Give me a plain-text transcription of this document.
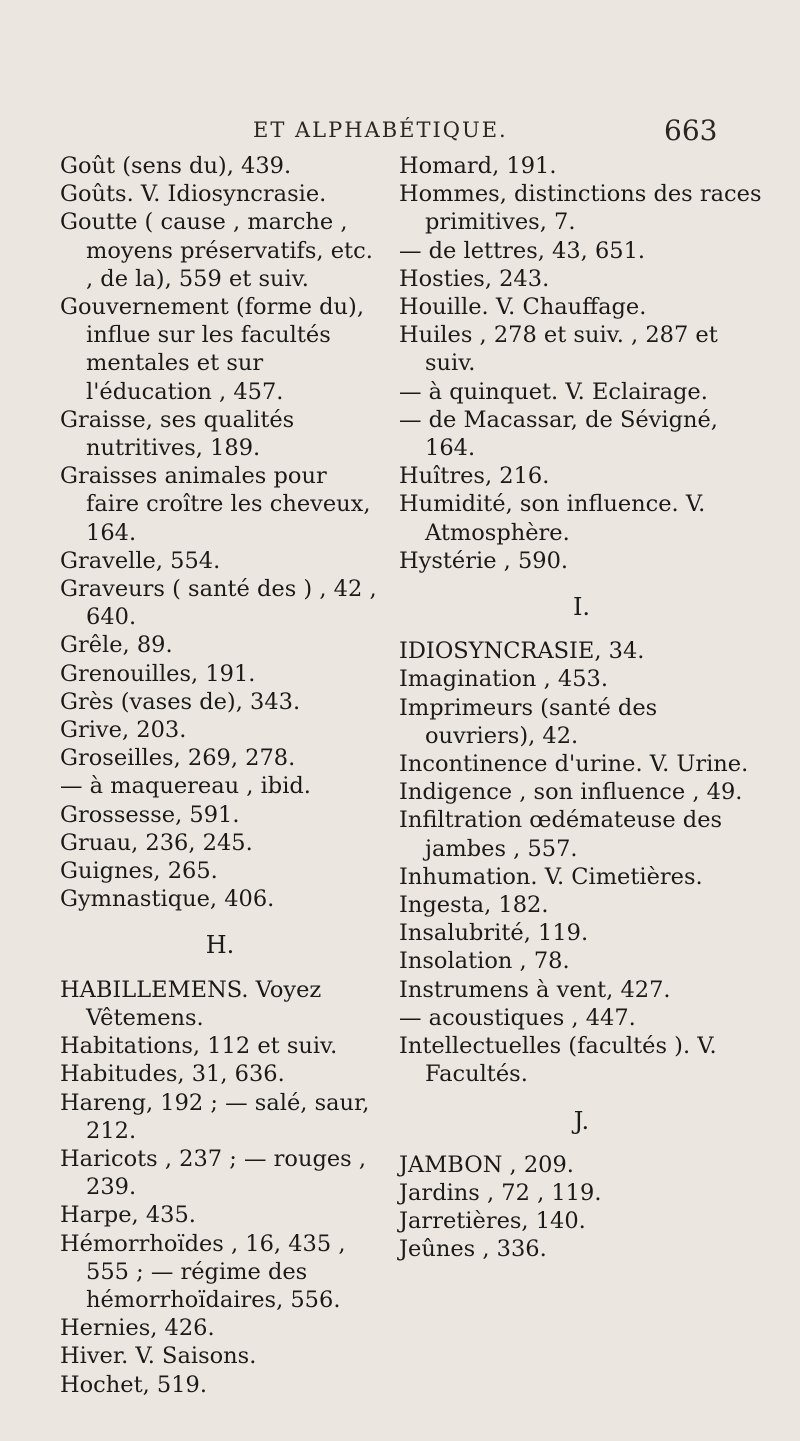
ET ALPHABÉTIQUE.	663

Goût (sens du), 439.

Goûts. V. Idiosyncrasie.

Goutte ( cause , marche , moyens préservatifs, etc. , de la), 559 et suiv.

Gouvernement (forme du), influe sur les facultés mentales et sur l'éducation , 457.

Graisse, ses qualités nutritives, 189.

Graisses animales pour faire croître les cheveux, 164.

Gravelle, 554.

Graveurs ( santé des ) , 42 , 640.

Grêle, 89.

Grenouilles, 191.

Grès (vases de), 343.

Grive, 203.

Groseilles, 269, 278.

— à maquereau , ibid.

Grossesse, 591.

Gruau, 236, 245.

Guignes, 265.

Gymnastique, 406.

H.

HABILLEMENS. Voyez Vêtemens.

Habitations, 112 et suiv.

Habitudes, 31, 636.

Hareng, 192 ; — salé, saur, 212.

Haricots , 237 ; — rouges , 239.

Harpe, 435.

Hémorrhoïdes , 16, 435 , 555 ; — régime des hémorrhoïdaires, 556.

Hernies, 426.

Hiver. V. Saisons.

Hochet, 519.

Homard, 191.

Hommes, distinctions des races primitives, 7.

— de lettres, 43, 651.

Hosties, 243.

Houille. V. Chauffage.

Huiles , 278 et suiv. , 287 et suiv.

— à quinquet. V. Eclairage.

— de Macassar, de Sévigné, 164.

Huîtres, 216.

Humidité, son influence. V. Atmosphère.

Hystérie , 590.

I.

IDIOSYNCRASIE, 34.

Imagination , 453.

Imprimeurs (santé des ouvriers), 42.

Incontinence d'urine. V. Urine.

Indigence , son influence , 49.

Infiltration œdémateuse des jambes , 557.

Inhumation. V. Cimetières.

Ingesta, 182.

Insalubrité, 119.

Insolation , 78.

Instrumens à vent, 427.

— acoustiques , 447.

Intellectuelles (facultés ). V. Facultés.

J.

JAMBON , 209.

Jardins , 72 , 119.

Jarretières, 140.

Jeûnes , 336.
